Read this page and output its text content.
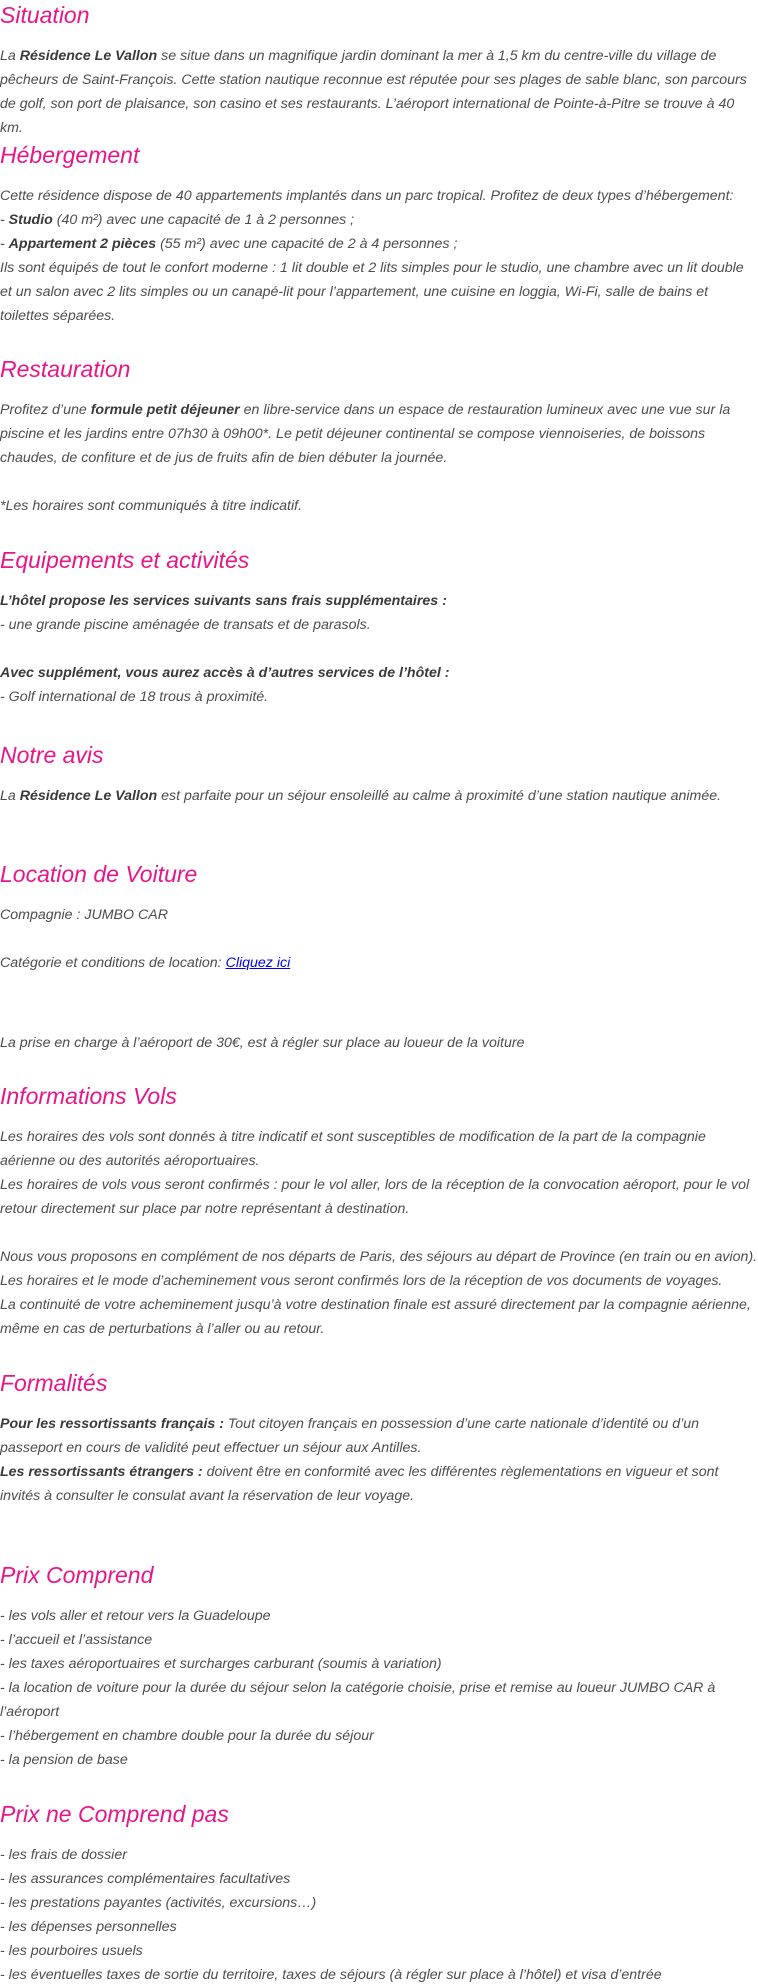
Situation

La Résidence Le Vallon se situe dans un magnifique jardin dominant la mer à 1,5 km du centre-ville du village de pêcheurs de Saint-François. Cette station nautique reconnue est réputée pour ses plages de sable blanc, son parcours de golf, son port de plaisance, son casino et ses restaurants. L’aéroport international de Pointe-à-Pitre se trouve à 40 km.

Hébergement

Cette résidence dispose de 40 appartements implantés dans un parc tropical. Profitez de deux types d’hébergement:

- Studio (40 m²) avec une capacité de 1 à 2 personnes ;

- Appartement 2 pièces (55 m²) avec une capacité de 2 à 4 personnes ;

Ils sont équipés de tout le confort moderne : 1 lit double et 2 lits simples pour le studio, une chambre avec un lit double et un salon avec 2 lits simples ou un canapé-lit pour l’appartement, une cuisine en loggia, Wi-Fi, salle de bains et toilettes séparées.

Restauration

Profitez d’une formule petit déjeuner en libre-service dans un espace de restauration lumineux avec une vue sur la piscine et les jardins entre 07h30 à 09h00*. Le petit déjeuner continental se compose viennoiseries, de boissons chaudes, de confiture et de jus de fruits afin de bien débuter la journée.

*Les horaires sont communiqués à titre indicatif.

Equipements et activités

L’hôtel propose les services suivants sans frais supplémentaires :

- une grande piscine aménagée de transats et de parasols.

Avec supplément, vous aurez accès à d’autres services de l’hôtel :

- Golf international de 18 trous à proximité.

Notre avis

La Résidence Le Vallon est parfaite pour un séjour ensoleillé au calme à proximité d’une station nautique animée.

Location de Voiture

Compagnie : JUMBO CAR

Catégorie et conditions de location: Cliquez ici

La prise en charge à l’aéroport de 30€, est à régler sur place au loueur de la voiture

Informations Vols

Les horaires des vols sont donnés à titre indicatif et sont susceptibles de modification de la part de la compagnie aérienne ou des autorités aéroportuaires.

Les horaires de vols vous seront confirmés : pour le vol aller, lors de la réception de la convocation aéroport, pour le vol retour directement sur place par notre représentant à destination.

Nous vous proposons en complément de nos départs de Paris, des séjours au départ de Province (en train ou en avion).

Les horaires et le mode d’acheminement vous seront confirmés lors de la réception de vos documents de voyages.

La continuité de votre acheminement jusqu’à votre destination finale est assuré directement par la compagnie aérienne, même en cas de perturbations à l’aller ou au retour.

Formalités

Pour les ressortissants français : Tout citoyen français en possession d’une carte nationale d’identité ou d’un passeport en cours de validité peut effectuer un séjour aux Antilles.

Les ressortissants étrangers : doivent être en conformité avec les différentes règlementations en vigueur et sont invités à consulter le consulat avant la réservation de leur voyage.

Prix Comprend

- les vols aller et retour vers la Guadeloupe

- l’accueil et l’assistance

- les taxes aéroportuaires et surcharges carburant (soumis à variation)

- la location de voiture pour la durée du séjour selon la catégorie choisie, prise et remise au loueur JUMBO CAR à l’aéroport

- l’hébergement en chambre double pour la durée du séjour

- la pension de base

Prix ne Comprend pas

- les frais de dossier

- les assurances complémentaires facultatives

- les prestations payantes (activités, excursions…)

- les dépenses personnelles

- les pourboires usuels

- les éventuelles taxes de sortie du territoire, taxes de séjours (à régler sur place à l’hôtel) et visa d’entrée
